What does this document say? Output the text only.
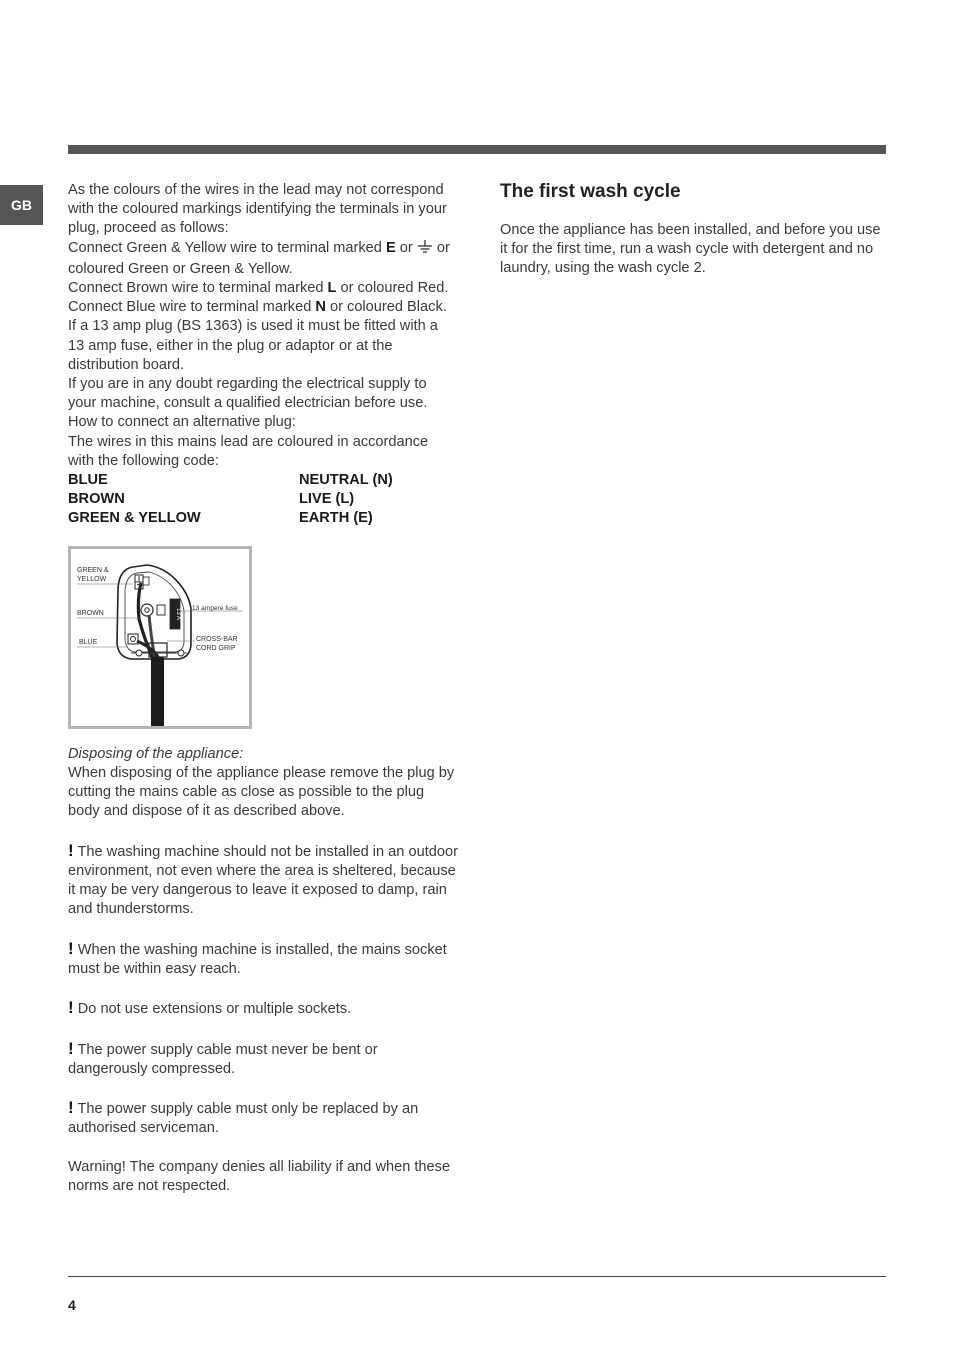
GB

As the colours of the wires in the lead may not correspond with the coloured markings identifying the terminals in your plug, proceed as follows:

Connect Green & Yellow wire to terminal marked E or  or coloured Green or Green & Yellow.

Connect Brown wire to terminal marked L or coloured Red.

Connect Blue wire to terminal marked N or coloured Black.

If a 13 amp plug (BS 1363) is used it must be fitted with a 13 amp fuse, either in the plug or adaptor or at the distribution board.

If you are in any doubt regarding the electrical supply to your machine, consult a qualified electrician before use.

How to connect an alternative plug:

The wires in this mains lead are coloured in accordance with the following code:

BLUE	NEUTRAL (N)
BROWN	LIVE (L)
GREEN & YELLOW	EARTH (E)
13 A
GREEN &
YELLOW
BROWN
BLUE
13 ampere fuse
CROSS-BAR
CORD GRIP

Disposing of the appliance:

When disposing of the appliance please remove the plug by cutting the mains cable as close as possible to the plug body and dispose of it as described above.

! The washing machine should not be installed in an outdoor environment, not even where the area is sheltered, because it may be very dangerous to leave it exposed to damp, rain and thunderstorms.

! When the washing machine is installed, the mains socket must be within easy reach.

! Do not use extensions or multiple sockets.

! The power supply cable must never be bent or dangerously compressed.

! The power supply cable must only be replaced by an authorised serviceman.

Warning! The company denies all liability if and when these norms are not respected.

The first wash cycle

Once the appliance has been installed, and before you use it for the first time, run a wash cycle with detergent and no laundry, using the wash cycle 2.

4
